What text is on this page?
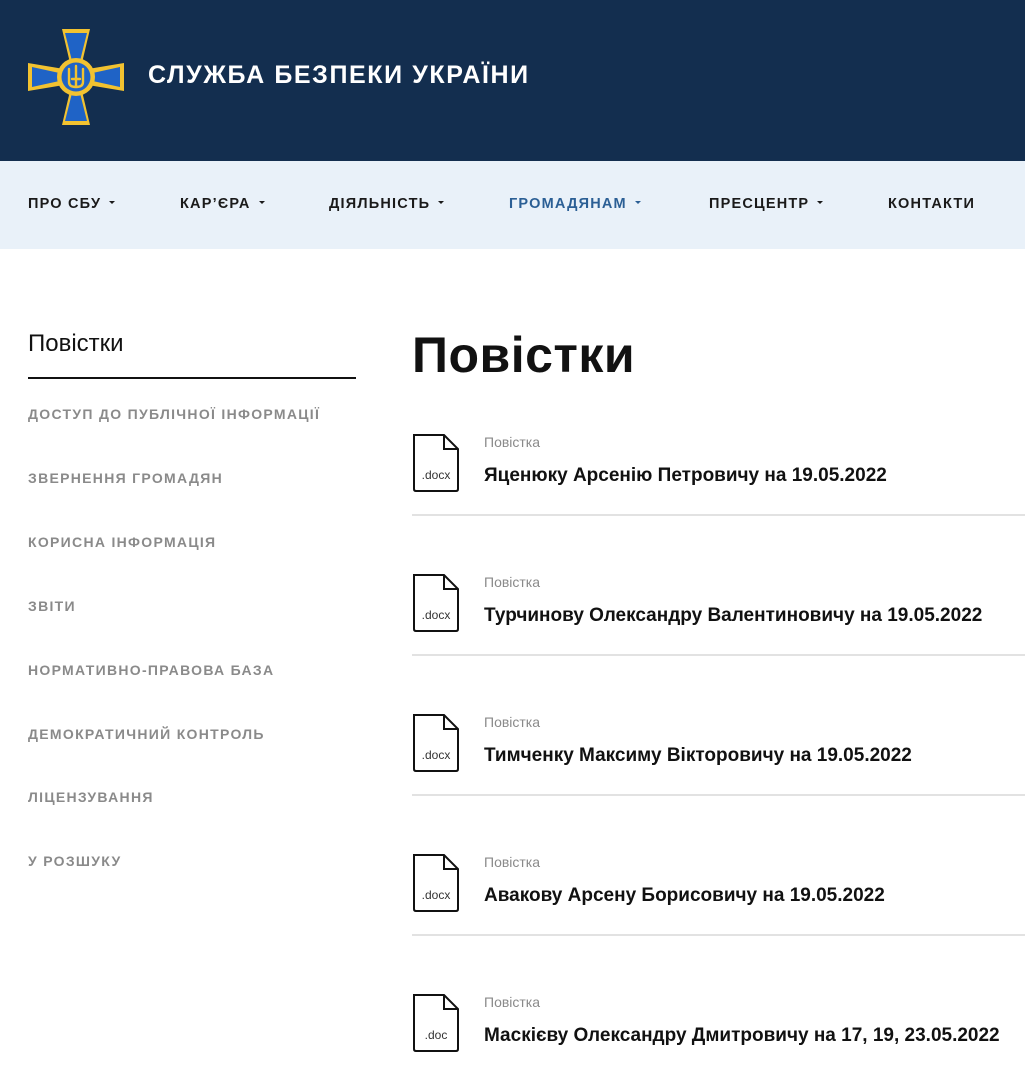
СЛУЖБА БЕЗПЕКИ УКРАЇНИ
ПРО СБУ	КАР’ЄРА	ДІЯЛЬНІСТЬ	ГРОМАДЯНАМ	ПРЕСЦЕНТР	КОНТАКТИ
Повістки
ДОСТУП ДО ПУБЛІЧНОЇ ІНФОРМАЦІЇ
ЗВЕРНЕННЯ ГРОМАДЯН
КОРИСНА ІНФОРМАЦІЯ
ЗВІТИ
НОРМАТИВНО-ПРАВОВА БАЗА
ДЕМОКРАТИЧНИЙ КОНТРОЛЬ
ЛІЦЕНЗУВАННЯ
У РОЗШУКУ
Повістки
.docx
Повістка
Яценюку Арсенію Петровичу на 19.05.2022
.docx
Повістка
Турчинову Олександру Валентиновичу на 19.05.2022
.docx
Повістка
Тимченку Максиму Вікторовичу на 19.05.2022
.docx
Повістка
Авакову Арсену Борисовичу на 19.05.2022
.doc
Повістка
Маскієву Олександру Дмитровичу на 17, 19, 23.05.2022
